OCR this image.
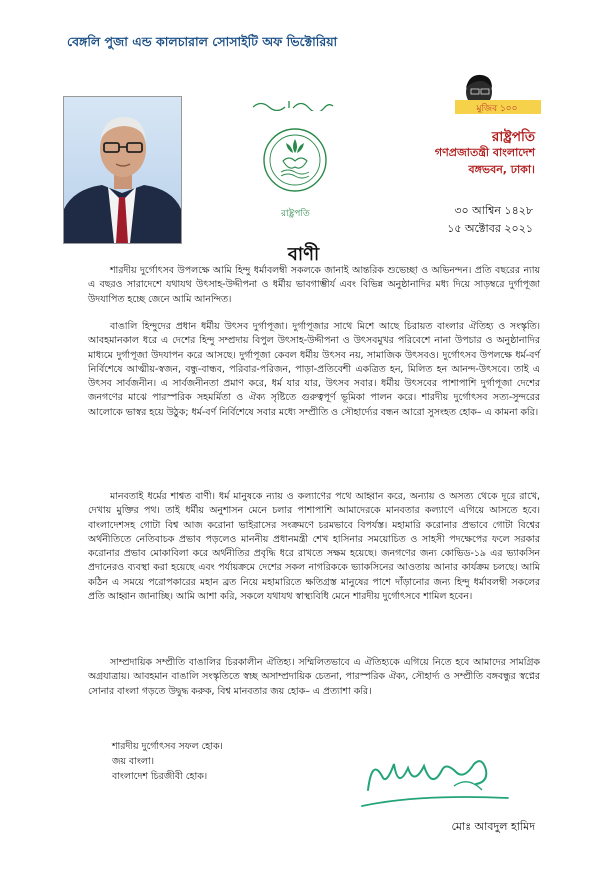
বেঙ্গলি পুজা এন্ড কালচারাল সোসাইটি অফ ভিক্টোরিয়া
রাষ্ট্রপতি
মুজিব ১০০
রাষ্ট্রপতি
গণপ্রজাতন্ত্রী বাংলাদেশ
বঙ্গভবন, ঢাকা।
৩০ আশ্বিন ১৪২৮
১৫ অক্টোবর ২০২১
বাণী

শারদীয় দুর্গোৎসব উপলক্ষে আমি হিন্দু ধর্মাবলম্বী সকলকে জানাই আন্তরিক শুভেচ্ছা ও অভিনন্দন। প্রতি বছরের ন্যায় এ বছরও সারাদেশে যথাযথ উৎসাহ-উদ্দীপনা ও ধর্মীয় ভাবগাম্ভীর্য এবং বিভিন্ন অনুষ্ঠানাদির মধ্য দিয়ে সাড়ম্বরে দুর্গাপূজা উদযাপিত হচ্ছে জেনে আমি আনন্দিত।

বাঙালি হিন্দুদের প্রধান ধর্মীয় উৎসব দুর্গাপূজা। দুর্গাপূজার সাথে মিশে আছে চিরায়ত বাংলার ঐতিহ্য ও সংস্কৃতি। আবহমানকাল ধরে এ দেশের হিন্দু সম্প্রদায় বিপুল উৎসাহ-উদ্দীপনা ও উৎসবমুখর পরিবেশে নানা উপচার ও অনুষ্ঠানাদির মাধ্যমে দুর্গাপূজা উদযাপন করে আসছে। দুর্গাপূজা কেবল ধর্মীয় উৎসব নয়, সামাজিক উৎসবও। দুর্গোৎসব উপলক্ষে ধর্ম-বর্ণ নির্বিশেষে আত্মীয়-স্বজন, বন্ধু-বান্ধব, পরিবার-পরিজন, পাড়া-প্রতিবেশী একত্রিত হন, মিলিত হন আনন্দ-উৎসবে। তাই এ উৎসব সার্বজনীন। এ সার্বজনীনতা প্রমাণ করে, ধর্ম যার যার, উৎসব সবার। ধর্মীয় উৎসবের পাশাপাশি দুর্গাপূজা দেশের জনগণের মাঝে পারস্পরিক সহমর্মিতা ও ঐক্য সৃষ্টিতে গুরুত্বপূর্ণ ভূমিকা পালন করে। শারদীয় দুর্গোৎসব সত্য-সুন্দরের আলোকে ভাস্বর হয়ে উঠুক; ধর্ম-বর্ণ নির্বিশেষে সবার মধ্যে সম্প্রীতি ও সৌহার্দ্যের বন্ধন আরো সুসংহত হোক– এ কামনা করি।

মানবতাই ধর্মের শাশ্বত বাণী। ধর্ম মানুষকে ন্যায় ও কল্যাণের পথে আহ্বান করে, অন্যায় ও অসত্য থেকে দূরে রাখে, দেখায় মুক্তির পথ। তাই ধর্মীয় অনুশাসন মেনে চলার পাশাপাশি আমাদেরকে মানবতার কল্যাণে এগিয়ে আসতে হবে। বাংলাদেশসহ গোটা বিশ্ব আজ করোনা ভাইরাসের সংক্রমণে চরমভাবে বিপর্যস্ত। মহামারি করোনার প্রভাবে গোটা বিশ্বের অর্থনীতিতে নেতিবাচক প্রভাব পড়লেও মাননীয় প্রধানমন্ত্রী শেখ হাসিনার সময়োচিত ও সাহসী পদক্ষেপের ফলে সরকার করোনার প্রভাব মোকাবিলা করে অর্থনীতির প্রবৃদ্ধি ধরে রাখতে সক্ষম হয়েছে। জনগণের জন্য কোভিড-১৯ এর ভ্যাকসিন প্রদানেরও ব্যবস্থা করা হয়েছে এবং পর্যায়ক্রমে দেশের সকল নাগরিককে ভ্যাকসিনের আওতায় আনার কার্যক্রম চলছে। আমি কঠিন এ সময়ে পরোপকারের মহান ব্রত নিয়ে মহামারিতে ক্ষতিগ্রস্ত মানুষের পাশে দাঁড়ানোর জন্য হিন্দু ধর্মাবলম্বী সকলের প্রতি আহ্বান জানাচ্ছি। আমি আশা করি, সকলে যথাযথ স্বাস্থ্যবিধি মেনে শারদীয় দুর্গোৎসবে শামিল হবেন।

সাম্প্রদায়িক সম্প্রীতি বাঙালির চিরকালীন ঐতিহ্য। সম্মিলিতভাবে এ ঐতিহ্যকে এগিয়ে নিতে হবে আমাদের সামগ্রিক অগ্রযাত্রায়। আবহমান বাঙালি সংস্কৃতিতে স্বচ্ছ অসাম্প্রদায়িক চেতনা, পারস্পরিক ঐক্য, সৌহার্দ্য ও সম্প্রীতি বঙ্গবন্ধুর স্বপ্নের সোনার বাংলা গড়তে উদ্বুদ্ধ করুক, বিশ্ব মানবতার জয় হোক– এ প্রত্যাশা করি।

শারদীয় দুর্গোৎসব সফল হোক।
জয় বাংলা।
বাংলাদেশ চিরজীবী হোক।
মোঃ আবদুল হামিদ
